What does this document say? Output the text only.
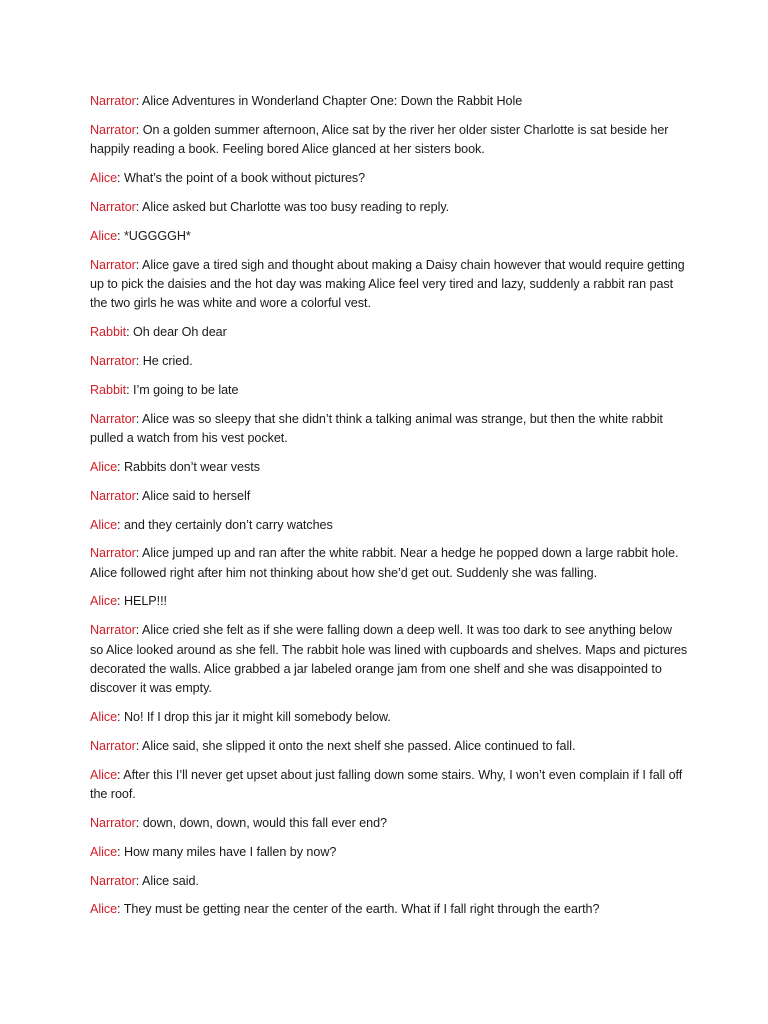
Narrator: Alice Adventures in Wonderland Chapter One: Down the Rabbit Hole

Narrator: On a golden summer afternoon, Alice sat by the river her older sister Charlotte is sat beside her happily reading a book. Feeling bored Alice glanced at her sisters book.

Alice: What’s the point of a book without pictures?

Narrator: Alice asked but Charlotte was too busy reading to reply.

Alice: *UGGGGH*

Narrator: Alice gave a tired sigh and thought about making a Daisy chain however that would require getting up to pick the daisies and the hot day was making Alice feel very tired and lazy, suddenly a rabbit ran past the two girls he was white and wore a colorful vest.

Rabbit: Oh dear Oh dear

Narrator: He cried.

Rabbit: I’m going to be late

Narrator: Alice was so sleepy that she didn’t think a talking animal was strange, but then the white rabbit pulled a watch from his vest pocket.

Alice: Rabbits don’t wear vests

Narrator: Alice said to herself

Alice: and they certainly don’t carry watches

Narrator: Alice jumped up and ran after the white rabbit. Near a hedge he popped down a large rabbit hole. Alice followed right after him not thinking about how she’d get out. Suddenly she was falling.

Alice: HELP!!!

Narrator: Alice cried she felt as if she were falling down a deep well. It was too dark to see anything below so Alice looked around as she fell. The rabbit hole was lined with cupboards and shelves. Maps and pictures decorated the walls. Alice grabbed a jar labeled orange jam from one shelf and she was disappointed to discover it was empty.

Alice: No! If I drop this jar it might kill somebody below.

Narrator: Alice said, she slipped it onto the next shelf she passed. Alice continued to fall.

Alice: After this I’ll never get upset about just falling down some stairs. Why, I won’t even complain if I fall off the roof.

Narrator: down, down, down, would this fall ever end?

Alice: How many miles have I fallen by now?

Narrator: Alice said.

Alice: They must be getting near the center of the earth. What if I fall right through the earth?
